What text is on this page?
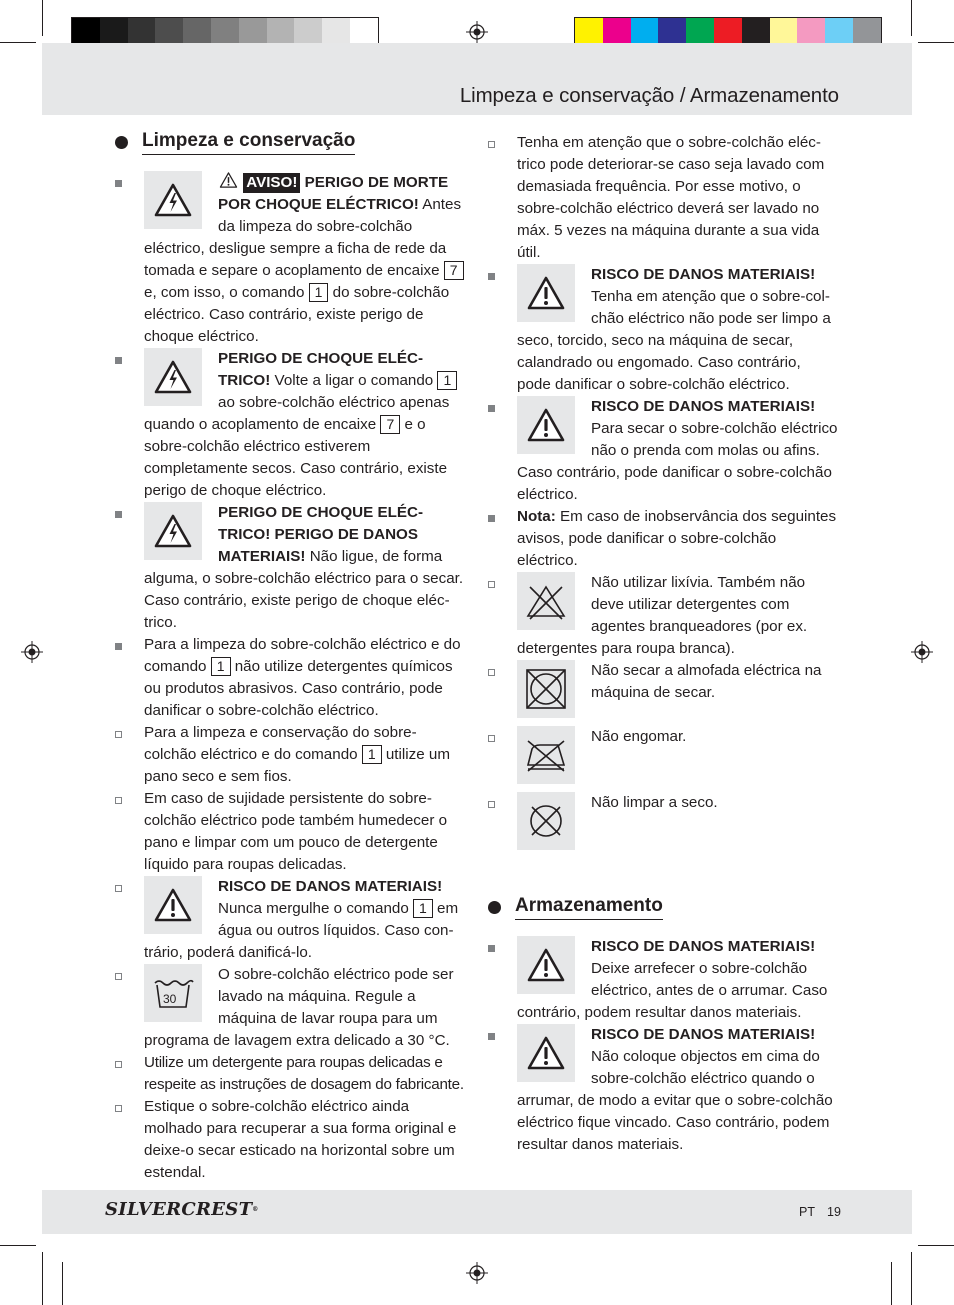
Limpeza e conservação / Armazenamento
Limpeza e conservação

AVISO! PERIGO DE MORTE POR CHOQUE ELÉCTRICO! Antes da limpeza do sobre-colchão eléctrico, desligue sempre a ficha de rede da tomada e separe o acoplamento de encaixe 7 e, com isso, o comando 1 do sobre-colchão eléctrico. Caso contrário, existe perigo de choque eléctrico.

PERIGO DE CHOQUE ELÉCTRICO! Volte a ligar o comando 1 ao sobre-colchão eléctrico apenas quando o acoplamento de encaixe 7 e o sobre-colchão eléctrico estiverem completamente secos. Caso contrário, existe perigo de choque eléctrico.

PERIGO DE CHOQUE ELÉCTRICO! PERIGO DE DANOS MATERIAIS! Não ligue, de forma alguma, o sobre-colchão eléctrico para o secar. Caso contrário, existe perigo de choque eléctrico.

Para a limpeza do sobre-colchão eléctrico e do comando 1 não utilize detergentes químicos ou produtos abrasivos. Caso contrário, pode danificar o sobre-colchão eléctrico.

Para a limpeza e conservação do sobre-colchão eléctrico e do comando 1 utilize um pano seco e sem fios.

Em caso de sujidade persistente do sobre-colchão eléctrico pode também humedecer o pano e limpar com um pouco de detergente líquido para roupas delicadas.

RISCO DE DANOS MATERIAIS! Nunca mergulhe o comando 1 em água ou outros líquidos. Caso contrário, poderá danificá-lo.

30

O sobre-colchão eléctrico pode ser lavado na máquina. Regule a máquina de lavar roupa para um programa de lavagem extra delicado a 30 °C.

Utilize um detergente para roupas delicadas e respeite as instruções de dosagem do fabricante.

Estique o sobre-colchão eléctrico ainda molhado para recuperar a sua forma original e deixe-o secar esticado na horizontal sobre um estendal.

Tenha em atenção que o sobre-colchão eléctrico pode deteriorar-se caso seja lavado com demasiada frequência. Por esse motivo, o sobre-colchão eléctrico deverá ser lavado no máx. 5 vezes na máquina durante a sua vida útil.

RISCO DE DANOS MATERIAIS! Tenha em atenção que o sobre-colchão eléctrico não pode ser limpo a seco, torcido, seco na máquina de secar, calandrado ou engomado. Caso contrário, pode danificar o sobre-colchão eléctrico.

RISCO DE DANOS MATERIAIS! Para secar o sobre-colchão eléctrico não o prenda com molas ou afins. Caso contrário, pode danificar o sobre-colchão eléctrico.

Nota: Em caso de inobservância dos seguintes avisos, pode danificar o sobre-colchão eléctrico.

Não utilizar lixívia. Também não deve utilizar detergentes com agentes branqueadores (por ex. detergentes para roupa branca).

Não secar a almofada eléctrica na máquina de secar.

Não engomar.

Não limpar a seco.

Armazenamento

RISCO DE DANOS MATERIAIS! Deixe arrefecer o sobre-colchão eléctrico, antes de o arrumar. Caso contrário, podem resultar danos materiais.

RISCO DE DANOS MATERIAIS! Não coloque objectos em cima do sobre-colchão eléctrico quando o arrumar, de modo a evitar que o sobre-colchão eléctrico fique vincado. Caso contrário, podem resultar danos materiais.

SILVERCREST®	PT 19
